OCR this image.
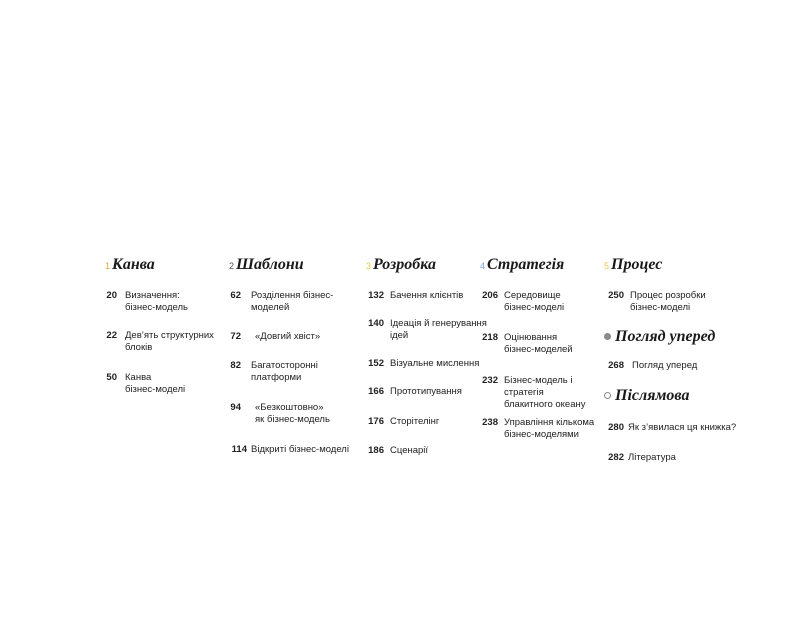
1 Канва
20 Визначення:
бізнес-модель
22 Дев’ять структурних
блоків
50 Канва
бізнес-моделі
2 Шаблони
62 Розділення бізнес-
моделей
72 «Довгий хвіст»
82 Багатосторонні
платформи
94 «Безкоштовно»
як бізнес-модель
114 Відкриті бізнес-моделі
3 Розробка
132 Бачення клієнтів
140 Ідеація й генерування
ідей
152 Візуальне мислення
166 Прототипування
176 Сторітелінг
186 Сценарії
4 Стратегія
206 Середовище
бізнес-моделі
218 Оцінювання
бізнес-моделей
232 Бізнес-модель і стратегія
блакитного океану
238 Управління кількома
бізнес-моделями
5 Процес
250 Процес розробки
бізнес-моделі
Погляд уперед
268 Погляд уперед
Післямова
280 Як з’явилася ця книжка?
282 Література
